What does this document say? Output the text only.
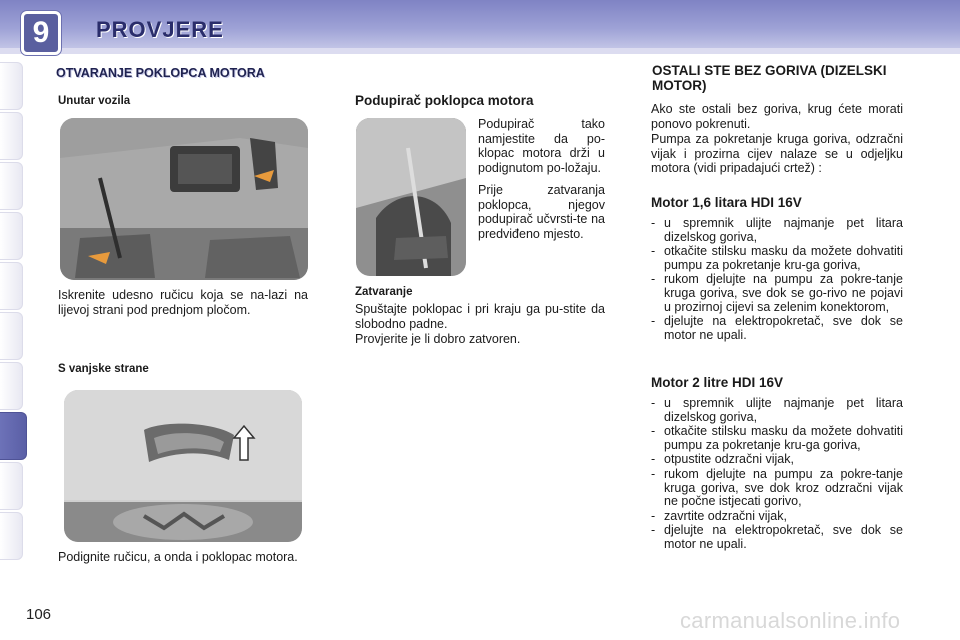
9	PROVJERE
OTVARANJE POKLOPCA MOTORA
Unutar vozila

Iskrenite udesno ručicu koja se na-lazi na lijevoj strani pod prednjom pločom.

S vanjske strane

Podignite ručicu, a onda i poklopac motora.

Podupirač poklopca motora

Podupirač tako namjestite da po-klopac motora drži u podignutom po-ložaju.

Prije zatvaranja poklopca, njegov podupirač učvrsti-te na predviđeno mjesto.

Zatvaranje

Spuštajte poklopac i pri kraju ga pu-stite da slobodno padne.

Provjerite je li dobro zatvoren.

OSTALI STE BEZ GORIVA (DIZELSKI MOTOR)

Ako ste ostali bez goriva, krug ćete morati ponovo pokrenuti.

Pumpa za pokretanje kruga goriva, odzračni vijak i prozirna cijev nalaze se u odjeljku motora (vidi pripadajući crtež) :

Motor 1,6 litara HDI 16V
- u spremnik ulijte najmanje pet litara dizelskog goriva,
- otkačite stilsku masku da možete dohvatiti pumpu za pokretanje kru-ga goriva,
- rukom djelujte na pumpu za pokre-tanje kruga goriva, sve dok se go-rivo ne pojavi u prozirnoj cijevi sa zelenim konektorom,
- djelujte na elektropokretač, sve dok se motor ne upali.
Motor 2 litre HDI 16V
- u spremnik ulijte najmanje pet litara dizelskog goriva,
- otkačite stilsku masku da možete dohvatiti pumpu za pokretanje kru-ga goriva,
- otpustite odzračni vijak,
- rukom djelujte na pumpu za pokre-tanje kruga goriva, sve dok kroz odzračni vijak ne počne istjecati gorivo,
- zavrtite odzračni vijak,
- djelujte na elektropokretač, sve dok se motor ne upali.
106	carmanualsonline.info
